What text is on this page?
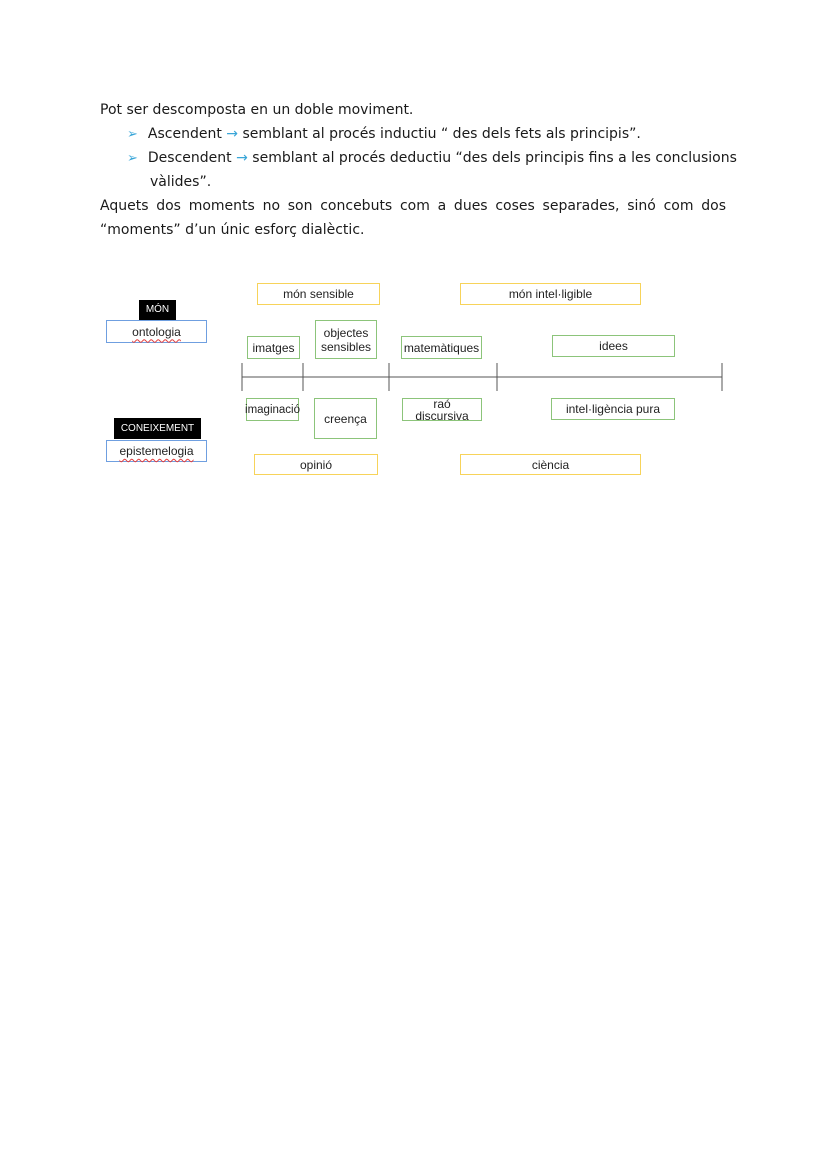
Pot ser descomposta en un doble moviment.
➢ Ascendent → semblant al procés inductiu “ des dels fets als principis”.
➢ Descendent → semblant al procés deductiu “des dels principis fins a les conclusions
vàlides”.
Aquets dos moments no son concebuts com a dues coses separades, sinó com dos
“moments” d’un únic esforç dialèctic.
MÓN
ontologia
CONEIXEMENT
epistemelogia
món sensible	món intel·ligible
imatges
objectes sensibles	matemàtiques	idees
imaginació
creença
raó discursiva	intel·ligència pura
opinió	ciència
